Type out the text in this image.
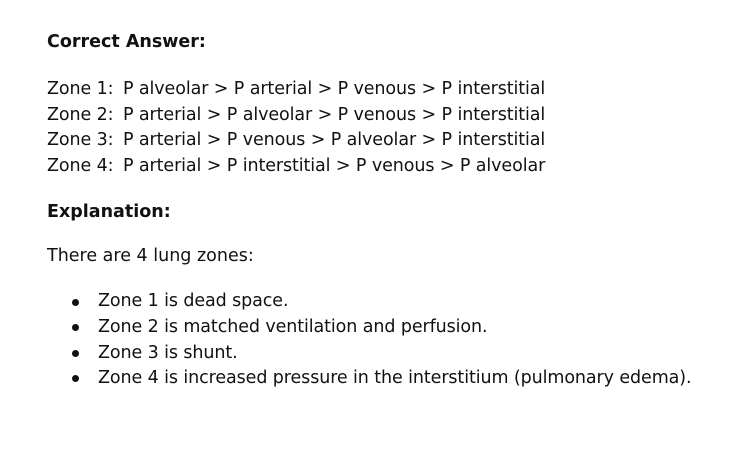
Correct Answer:

Zone 1: P alveolar > P arterial > P venous > P interstitial
Zone 2: P arterial > P alveolar > P venous > P interstitial
Zone 3: P arterial > P venous > P alveolar > P interstitial
Zone 4: P arterial > P interstitial > P venous > P alveolar

Explanation:

There are 4 lung zones:
Zone 1 is dead space.
Zone 2 is matched ventilation and perfusion.
Zone 3 is shunt.
Zone 4 is increased pressure in the interstitium (pulmonary edema).
